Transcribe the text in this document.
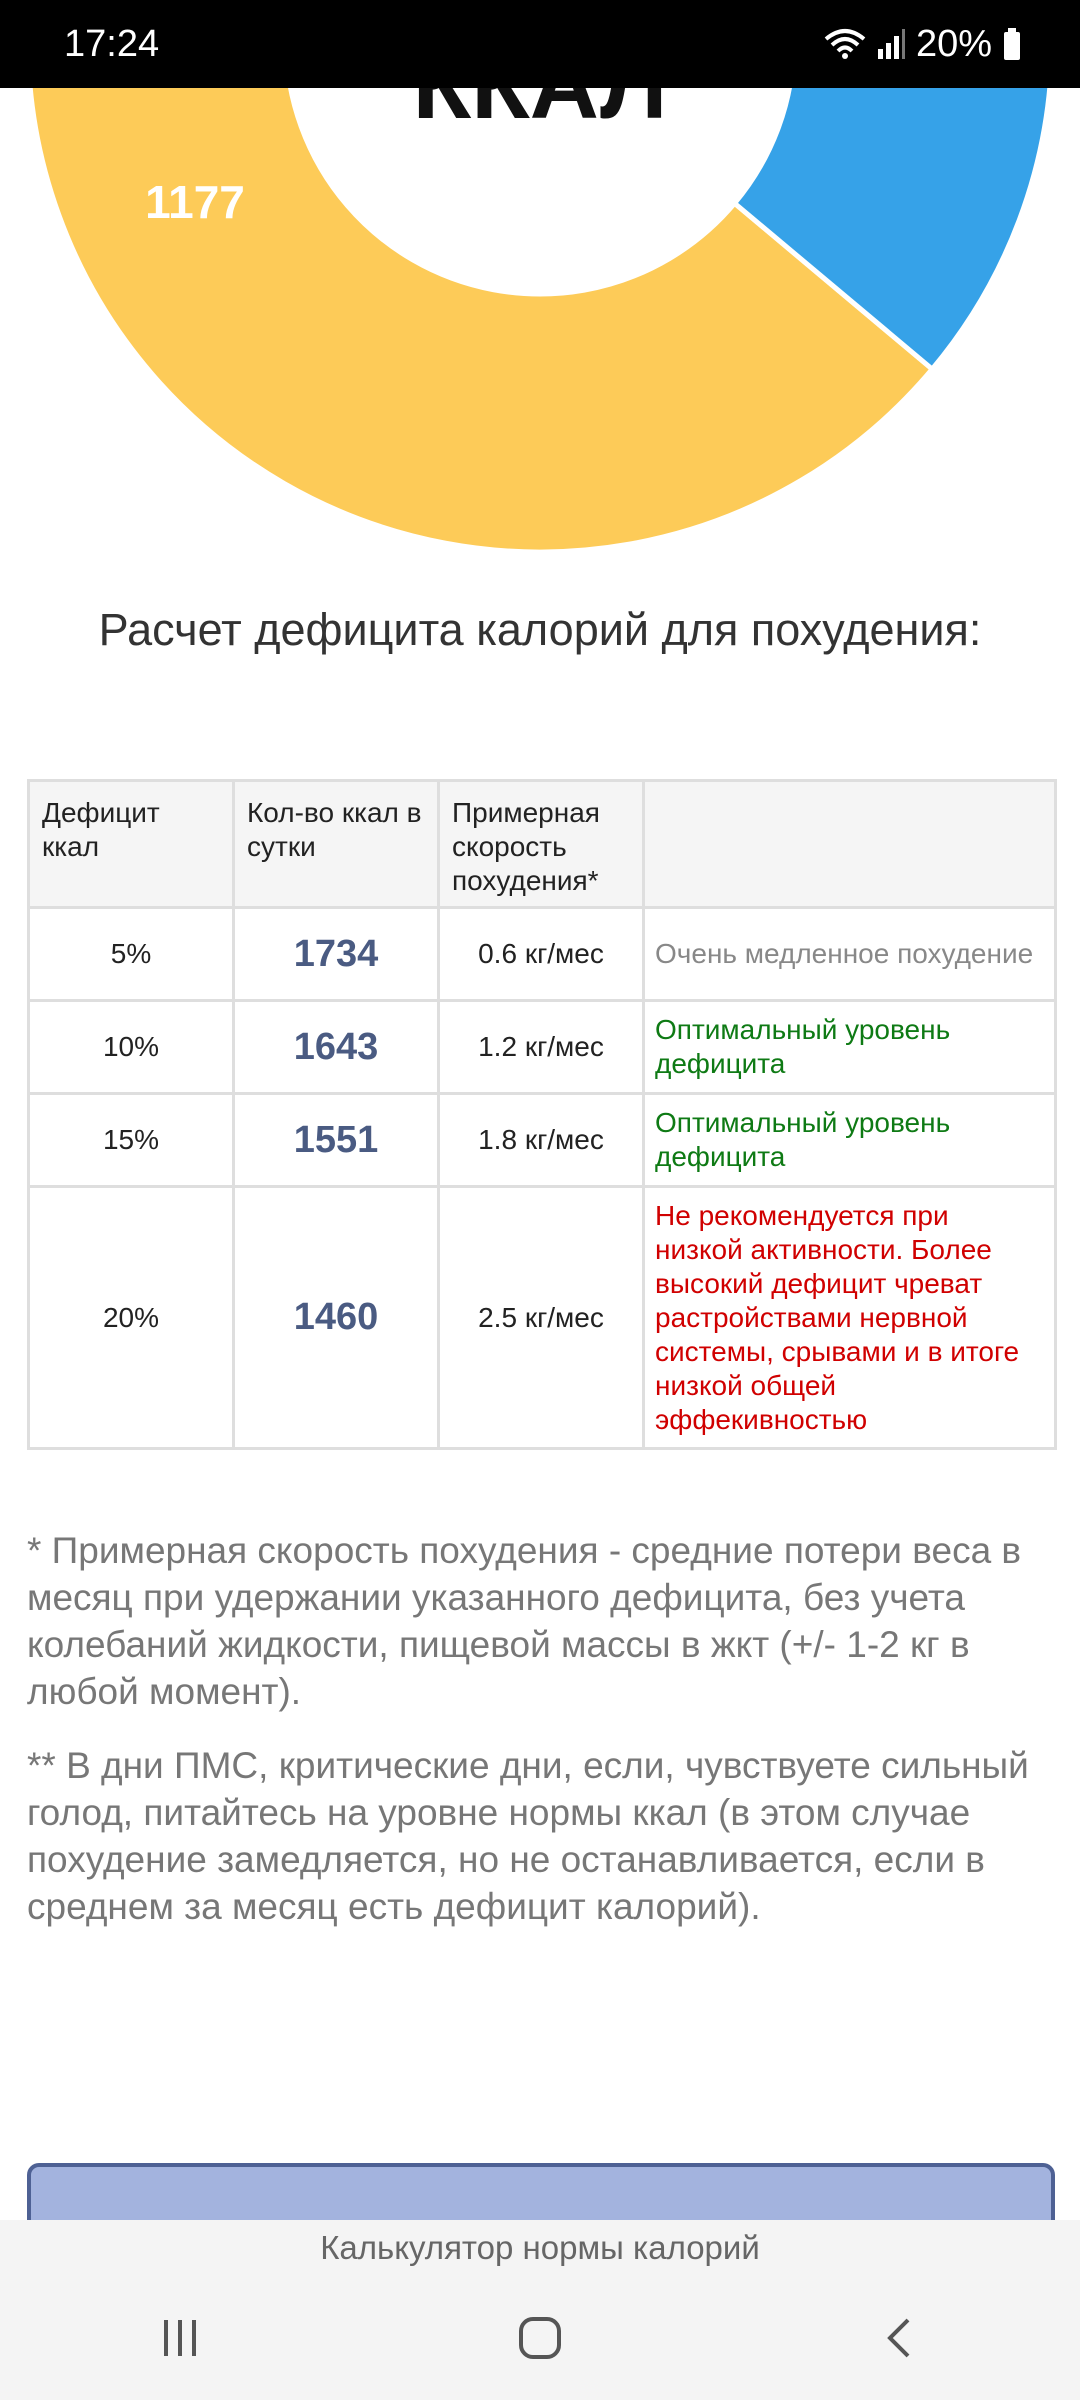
17:24	20%
1177
Расчет дефицита калорий для похудения:
Дефицит ккал	Кол-во ккал в сутки	Примерная скорость похудения*	
5%	1734	0.6 кг/мес	Очень медленное похудение
10%	1643	1.2 кг/мес	Оптимальный уровень дефицита
15%	1551	1.8 кг/мес	Оптимальный уровень дефицита
20%	1460	2.5 кг/мес	Не рекомендуется при низкой активности. Более высокий дефицит чреват растройствами нервной системы, срывами и в итоге низкой общей эффекивностью

* Примерная скорость похудения - средние потери веса в месяц при удержании указанного дефицита, без учета колебаний жидкости, пищевой массы в жкт (+/- 1-2 кг в любой момент).

** В дни ПМС, критические дни, если, чувствуете сильный голод, питайтесь на уровне нормы ккал (в этом случае похудение замедляется, но не останавливается, если в среднем за месяц есть дефицит калорий).

Калькулятор нормы калорий
